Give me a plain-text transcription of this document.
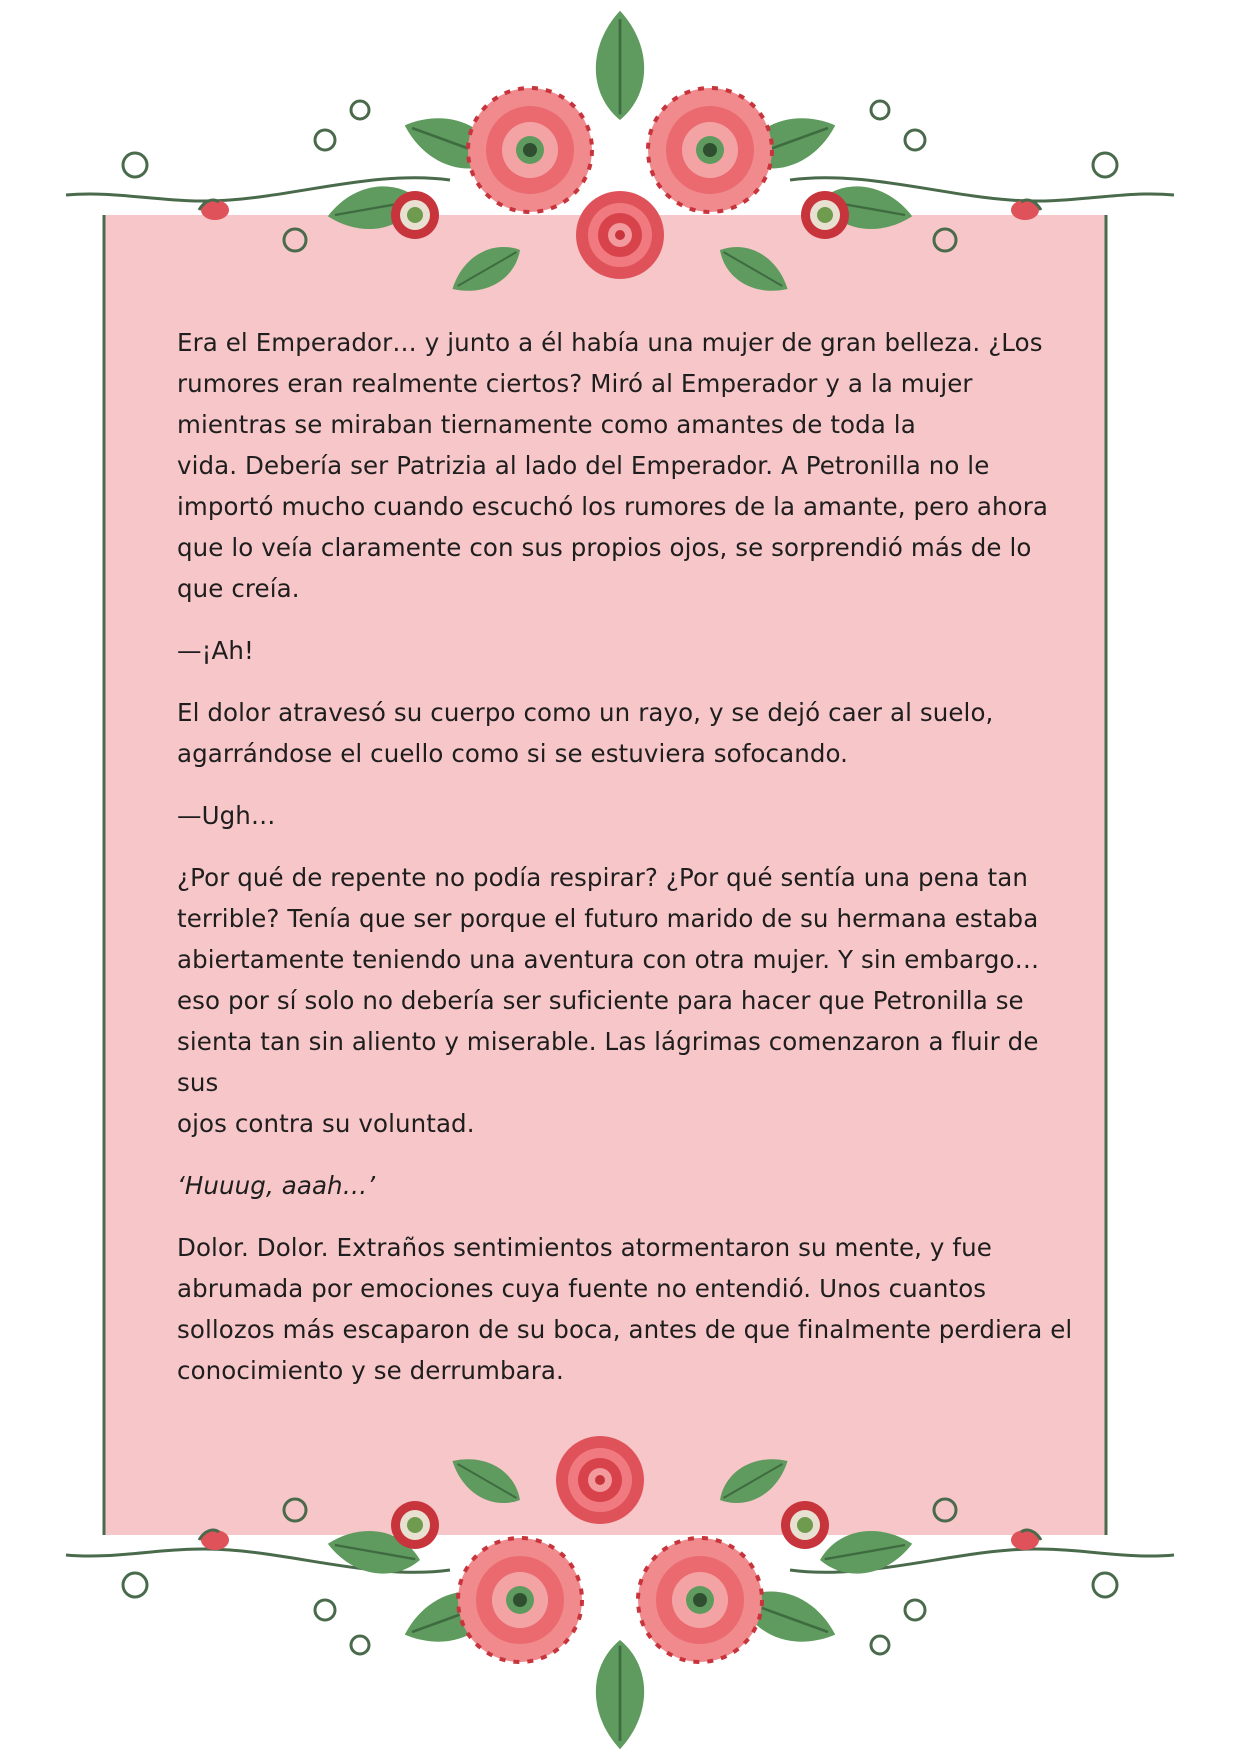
Era el Emperador… y junto a él había una mujer de gran belleza. ¿Los
rumores eran realmente ciertos? Miró al Emperador y a la mujer
mientras se miraban tiernamente como amantes de toda la
vida. Debería ser Patrizia al lado del Emperador. A Petronilla no le
importó mucho cuando escuchó los rumores de la amante, pero ahora
que lo veía claramente con sus propios ojos, se sorprendió más de lo
que creía.

—¡Ah!

El dolor atravesó su cuerpo como un rayo, y se dejó caer al suelo,
agarrándose el cuello como si se estuviera sofocando.

—Ugh…

¿Por qué de repente no podía respirar? ¿Por qué sentía una pena tan
terrible? Tenía que ser porque el futuro marido de su hermana estaba
abiertamente teniendo una aventura con otra mujer. Y sin embargo…
eso por sí solo no debería ser suficiente para hacer que Petronilla se
sienta tan sin aliento y miserable. Las lágrimas comenzaron a fluir de sus
ojos contra su voluntad.

‘Huuug, aaah…’

Dolor. Dolor. Extraños sentimientos atormentaron su mente, y fue
abrumada por emociones cuya fuente no entendió. Unos cuantos
sollozos más escaparon de su boca, antes de que finalmente perdiera el
conocimiento y se derrumbara.
